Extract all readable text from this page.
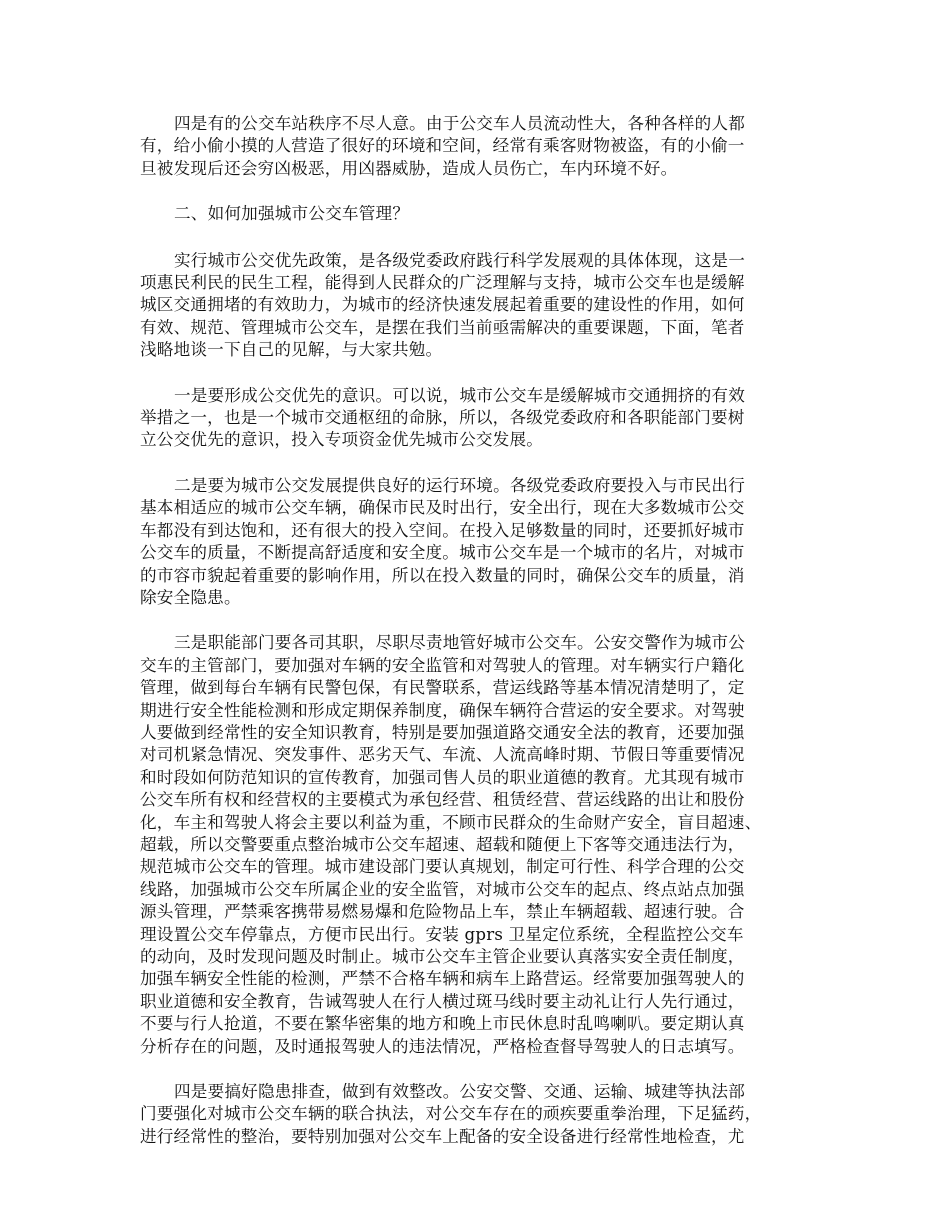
四是有的公交车站秩序不尽人意。由于公交车人员流动性大，各种各样的人都
有，给小偷小摸的人营造了很好的环境和空间，经常有乘客财物被盗，有的小偷一
旦被发现后还会穷凶极恶，用凶器威胁，造成人员伤亡，车内环境不好。

二、如何加强城市公交车管理？

实行城市公交优先政策，是各级党委政府践行科学发展观的具体体现，这是一
项惠民利民的民生工程，能得到人民群众的广泛理解与支持，城市公交车也是缓解
城区交通拥堵的有效助力，为城市的经济快速发展起着重要的建设性的作用，如何
有效、规范、管理城市公交车，是摆在我们当前亟需解决的重要课题，下面，笔者
浅略地谈一下自己的见解，与大家共勉。

一是要形成公交优先的意识。可以说，城市公交车是缓解城市交通拥挤的有效
举措之一，也是一个城市交通枢纽的命脉，所以，各级党委政府和各职能部门要树
立公交优先的意识，投入专项资金优先城市公交发展。

二是要为城市公交发展提供良好的运行环境。各级党委政府要投入与市民出行
基本相适应的城市公交车辆，确保市民及时出行，安全出行，现在大多数城市公交
车都没有到达饱和，还有很大的投入空间。在投入足够数量的同时，还要抓好城市
公交车的质量，不断提高舒适度和安全度。城市公交车是一个城市的名片，对城市
的市容市貌起着重要的影响作用，所以在投入数量的同时，确保公交车的质量，消
除安全隐患。

三是职能部门要各司其职，尽职尽责地管好城市公交车。公安交警作为城市公
交车的主管部门，要加强对车辆的安全监管和对驾驶人的管理。对车辆实行户籍化
管理，做到每台车辆有民警包保，有民警联系，营运线路等基本情况清楚明了，定
期进行安全性能检测和形成定期保养制度，确保车辆符合营运的安全要求。对驾驶
人要做到经常性的安全知识教育，特别是要加强道路交通安全法的教育，还要加强
对司机紧急情况、突发事件、恶劣天气、车流、人流高峰时期、节假日等重要情况
和时段如何防范知识的宣传教育，加强司售人员的职业道德的教育。尤其现有城市
公交车所有权和经营权的主要模式为承包经营、租赁经营、营运线路的出让和股份
化，车主和驾驶人将会主要以利益为重，不顾市民群众的生命财产安全，盲目超速、
超载，所以交警要重点整治城市公交车超速、超载和随便上下客等交通违法行为，
规范城市公交车的管理。城市建设部门要认真规划，制定可行性、科学合理的公交
线路，加强城市公交车所属企业的安全监管，对城市公交车的起点、终点站点加强
源头管理，严禁乘客携带易燃易爆和危险物品上车，禁止车辆超载、超速行驶。合
理设置公交车停靠点，方便市民出行。安装 gprs 卫星定位系统，全程监控公交车
的动向，及时发现问题及时制止。城市公交车主管企业要认真落实安全责任制度，
加强车辆安全性能的检测，严禁不合格车辆和病车上路营运。经常要加强驾驶人的
职业道德和安全教育，告诫驾驶人在行人横过斑马线时要主动礼让行人先行通过，
不要与行人抢道，不要在繁华密集的地方和晚上市民休息时乱鸣喇叭。要定期认真
分析存在的问题，及时通报驾驶人的违法情况，严格检查督导驾驶人的日志填写。

四是要搞好隐患排查，做到有效整改。公安交警、交通、运输、城建等执法部
门要强化对城市公交车辆的联合执法，对公交车存在的顽疾要重拳治理，下足猛药，
进行经常性的整治，要特别加强对公交车上配备的安全设备进行经常性地检查，尤
